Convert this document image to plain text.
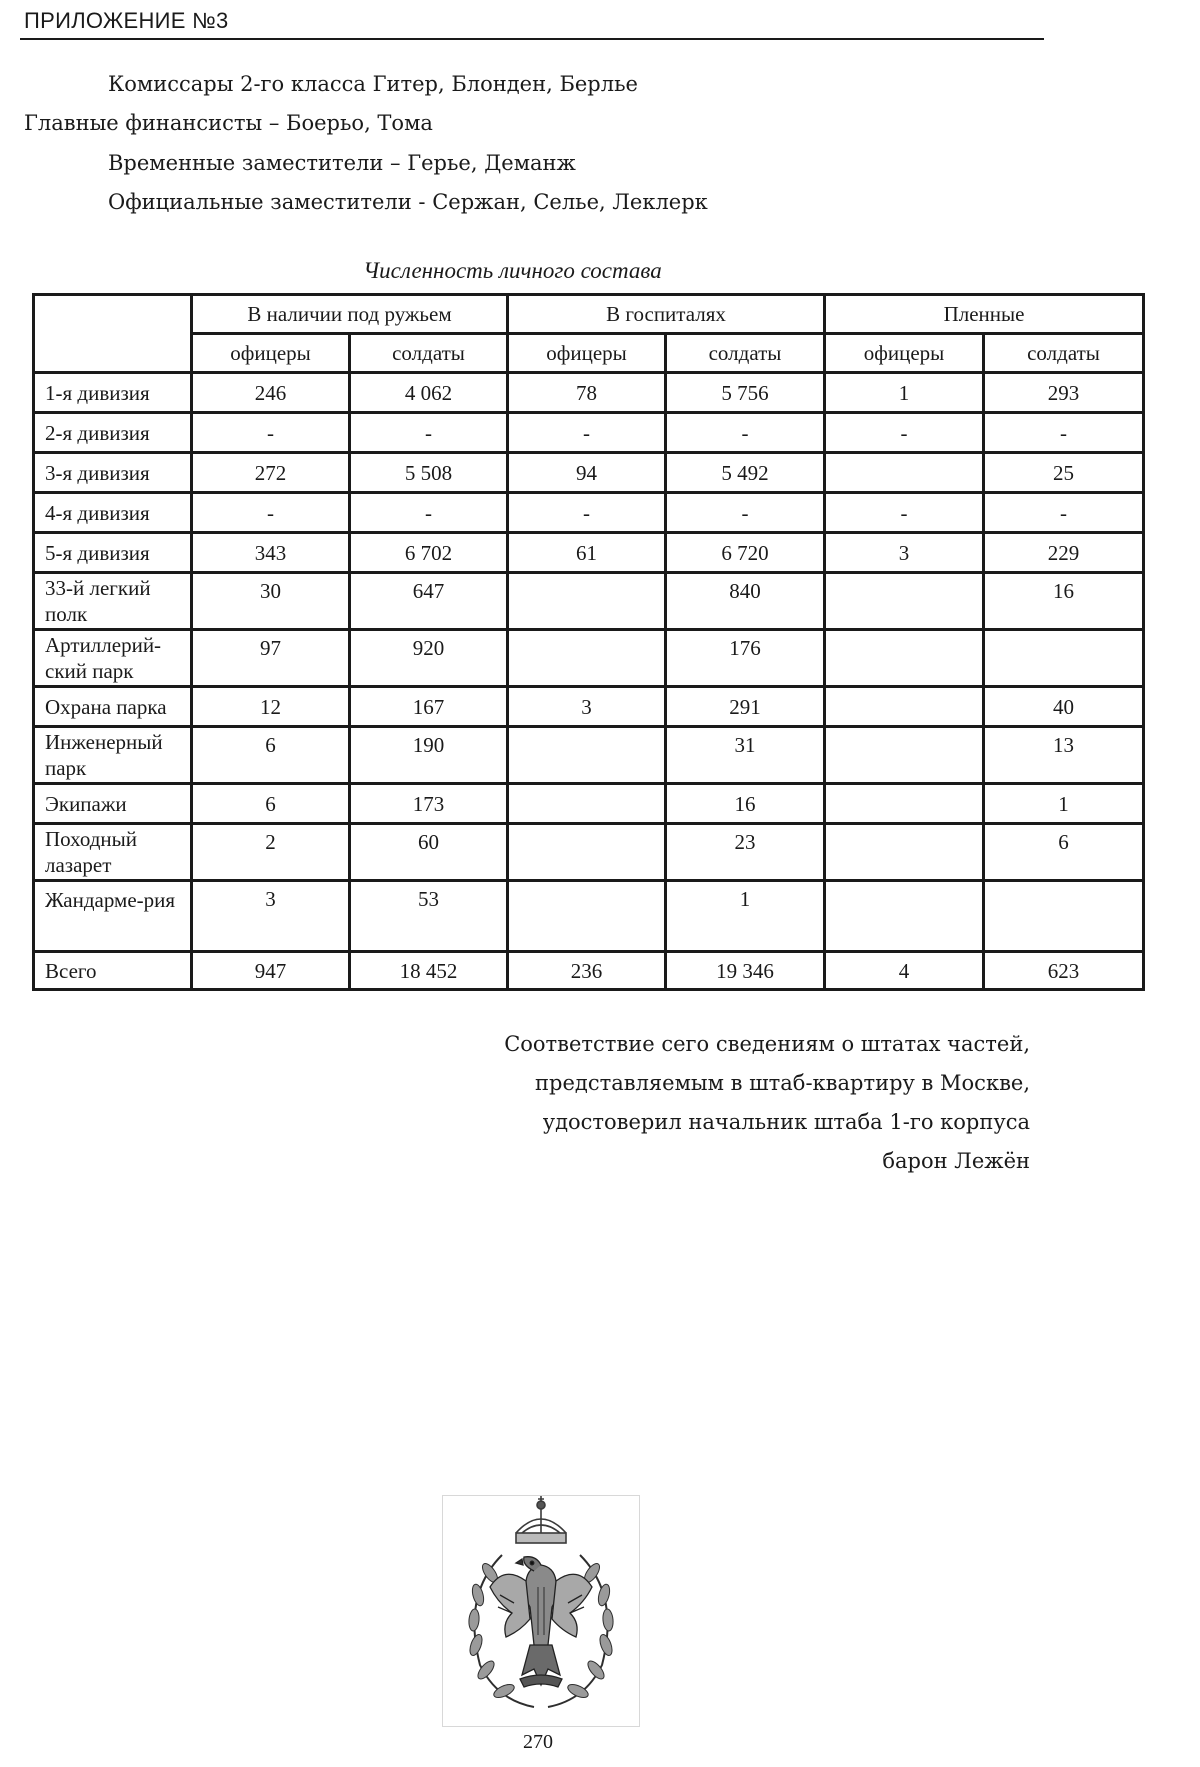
ПРИЛОЖЕНИЕ №3
Комиссары 2-го класса Гитер, Блонден, Берлье
Главные финансисты – Боерьо, Тома
Временные заместители – Герье, Деманж
Официальные заместители - Сержан, Селье, Леклерк
Численность личного состава
	В наличии под ружьем		В госпиталях		Пленные	
	офицеры	солдаты	офицеры	солдаты	офицеры	солдаты
1-я дивизия	246	4 062	78	5 756	1	293
2-я дивизия	-	-	-	-	-	-
3-я дивизия	272	5 508	94	5 492		25
4-я дивизия	-	-	-	-	-	-
5-я дивизия	343	6 702	61	6 720	3	229
33-й легкий полк	30	647		840		16
Артиллерий-ский парк	97	920		176		
Охрана парка	12	167	3	291		40
Инженерный парк	6	190		31		13
Экипажи	6	173		16		1
Походный лазарет	2	60		23		6
Жандарме-рия	3	53		1		
Всего	947	18 452	236	19 346	4	623
Соответствие сего сведениям о штатах частей,
представляемым в штаб-квартиру в Москве,
удостоверил начальник штаба 1-го корпуса
барон Лежён
270
